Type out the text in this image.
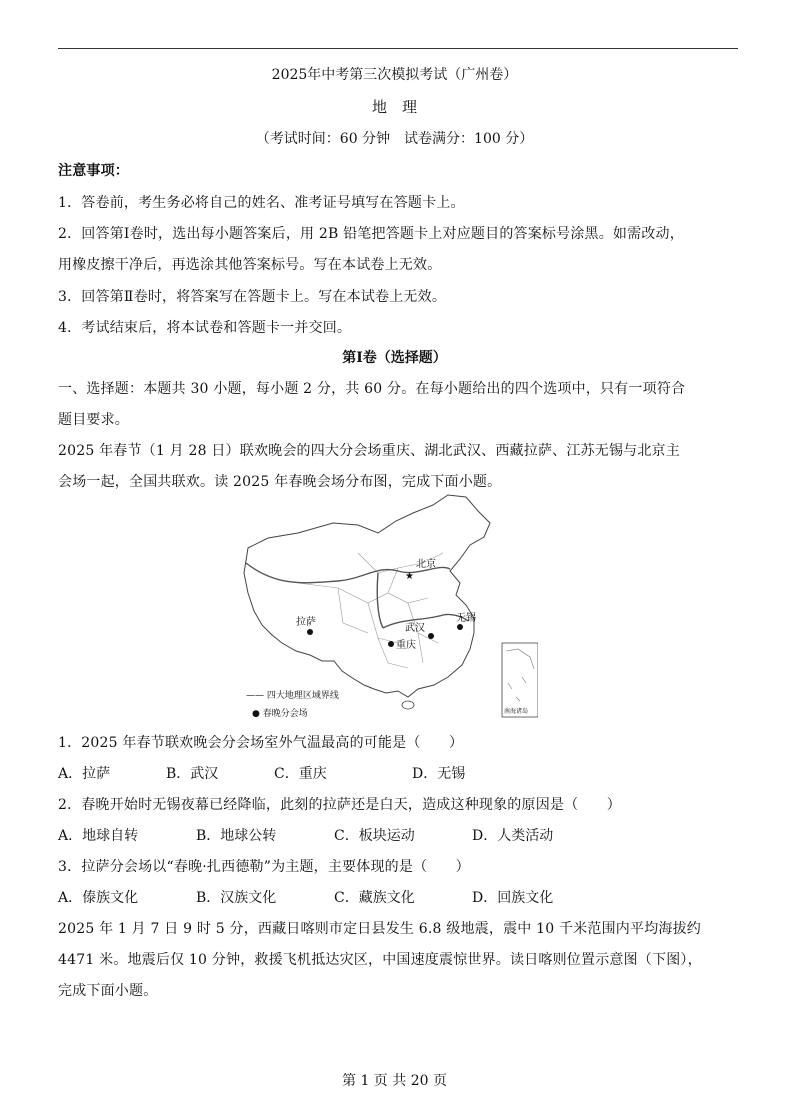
2025年中考第三次模拟考试（广州卷）
地　理
（考试时间：60 分钟　试卷满分：100 分）
注意事项：
1．答卷前，考生务必将自己的姓名、准考证号填写在答题卡上。
2．回答第Ⅰ卷时，选出每小题答案后，用 2B 铅笔把答题卡上对应题目的答案标号涂黑。如需改动，
用橡皮擦干净后，再选涂其他答案标号。写在本试卷上无效。
3．回答第Ⅱ卷时，将答案写在答题卡上。写在本试卷上无效。
4．考试结束后，将本试卷和答题卡一并交回。
第Ⅰ卷（选择题）
一、选择题：本题共 30 小题，每小题 2 分，共 60 分。在每小题给出的四个选项中，只有一项符合
题目要求。
2025 年春节（1 月 28 日）联欢晚会的四大分会场重庆、湖北武汉、西藏拉萨、江苏无锡与北京主
会场一起，全国共联欢。读 2025 年春晚会场分布图，完成下面小题。
★
北京
拉萨
武汉
重庆
无锡
—— 四大地理区域界线
● 春晚分会场	南海诸岛
1．2025 年春节联欢晚会分会场室外气温最高的可能是（　　）
A．拉萨	B．武汉	C．重庆	D．无锡
2．春晚开始时无锡夜幕已经降临，此刻的拉萨还是白天，造成这种现象的原因是（　　）
A．地球自转	B．地球公转	C．板块运动	D．人类活动
3．拉萨分会场以“春晚·扎西德勒”为主题，主要体现的是（　　）
A．傣族文化	B．汉族文化	C．藏族文化	D．回族文化
2025 年 1 月 7 日 9 时 5 分，西藏日喀则市定日县发生 6.8 级地震，震中 10 千米范围内平均海拔约
4471 米。地震后仅 10 分钟，救援飞机抵达灾区，中国速度震惊世界。读日喀则位置示意图（下图），
完成下面小题。
第 1 页 共 20 页
